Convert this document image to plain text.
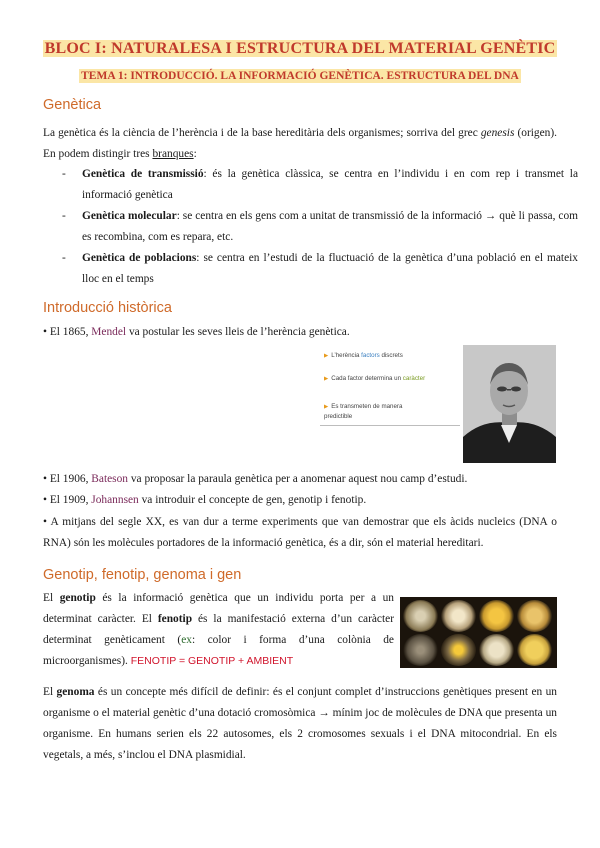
BLOC I: NATURALESA I ESTRUCTURA DEL MATERIAL GENÈTIC
TEMA 1: INTRODUCCIÓ. LA INFORMACIÓ GENÈTICA. ESTRUCTURA DEL DNA
Genètica

La genètica és la ciència de l’herència i de la base hereditària dels organismes; sorriva del grec genesis (origen). En podem distingir tres branques:

- Genètica de transmissió: és la genètica clàssica, se centra en l’individu i en com rep i transmet la informació genètica
- Genètica molecular: se centra en els gens com a unitat de transmissió de la informació → què li passa, com es recombina, com es repara, etc.
- Genètica de poblacions: se centra en l’estudi de la fluctuació de la genètica d’una població en el mateix lloc en el temps
Introducció històrica

• El 1865, Mendel va postular les seves lleis de l’herència genètica.

▶ L’herència factors discrets
▶ Cada factor determina un caràcter
▶ Es transmeten de manera predictible

• El 1906, Bateson va proposar la paraula genètica per a anomenar aquest nou camp d’estudi.

• El 1909, Johannsen va introduir el concepte de gen, genotip i fenotip.

• A mitjans del segle XX, es van dur a terme experiments que van demostrar que els àcids nucleics (DNA o RNA) són les molècules portadores de la informació genètica, és a dir, són el material hereditari.

Genotip, fenotip, genoma i gen

El genotip és la informació genètica que un individu porta per a un determinat caràcter. El fenotip és la manifestació externa d’un caràcter determinat genèticament (ex: color i forma d’una colònia de microorganismes). FENOTIP = GENOTIP + AMBIENT

El genoma és un concepte més difícil de definir: és el conjunt complet d’instruccions genètiques present en un organisme o el material genètic d’una dotació cromosòmica → mínim joc de molècules de DNA que presenta un organisme. En humans serien els 22 autosomes, els 2 cromosomes sexuals i el DNA mitocondrial. En els vegetals, a més, s’inclou el DNA plasmidial.
